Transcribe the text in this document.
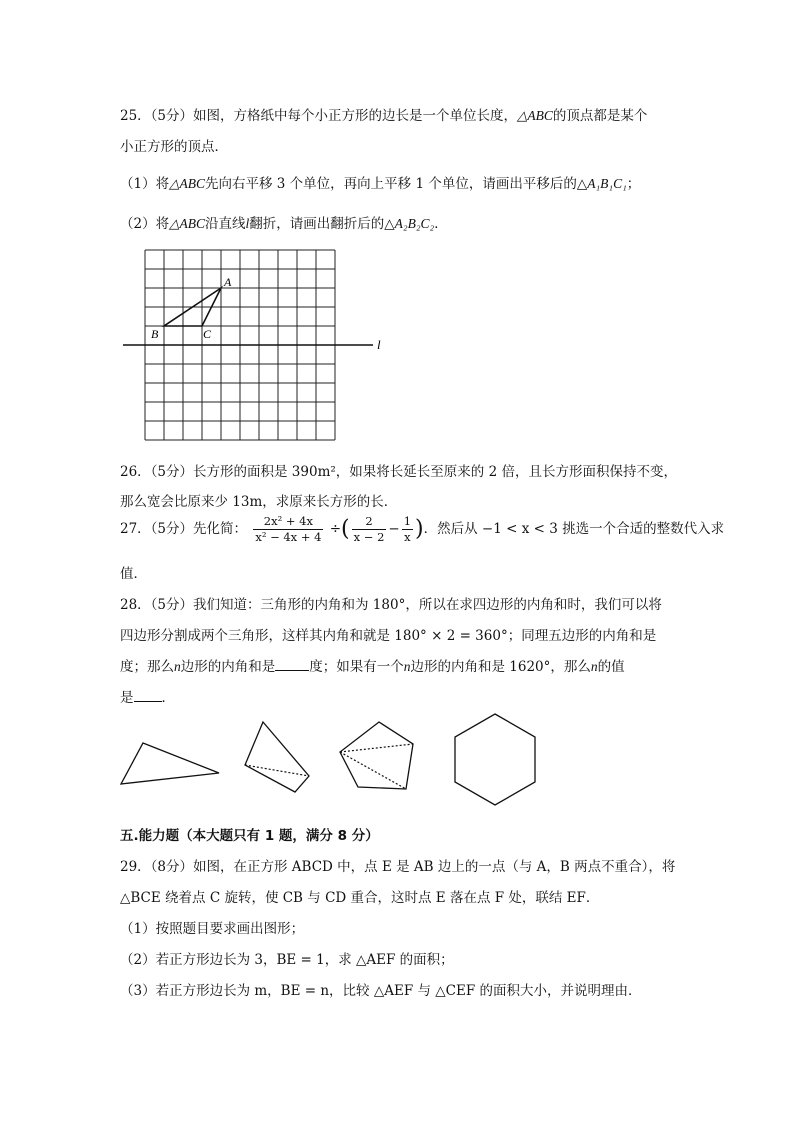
25．（5分）如图，方格纸中每个小正方形的边长是一个单位长度，△ABC的顶点都是某个
小正方形的顶点．
（1）将△ABC先向右平移 3 个单位，再向上平移 1 个单位，请画出平移后的△A₁B₁C₁；
（2）将△ABC沿直线l翻折，请画出翻折后的△A₂B₂C₂．
A
B	C
l
26．（5分）长方形的面积是 390m²，如果将长延长至原来的 2 倍，且长方形面积保持不变，
那么宽会比原来少 13m，求原来长方形的长．
27．（5分）先化简： $\frac{\text{2x² + 4x}}{\text{x² − 4x + 4}}$ ÷( $\frac{2}{x - 2} - \frac{1}{x}$ )．然后从 −1 < x < 3 挑选一个合适的整数代入求
值．
28．（5分）我们知道：三角形的内角和为 180°，所以在求四边形的内角和时，我们可以将
四边形分割成两个三角形，这样其内角和就是 180° × 2 = 360°；同理五边形的内角和是
度；那么n边形的内角和是	度；如果有一个n边形的内角和是 1620°，那么n的值
是 ．
五.能力题（本大题只有 1 题，满分 8 分）
29．（8分）如图，在正方形 ABCD 中，点 E 是 AB 边上的一点（与 A，B 两点不重合），将
△BCE 绕着点 C 旋转，使 CB 与 CD 重合，这时点 E 落在点 F 处，联结 EF．
（1）按照题目要求画出图形；
（2）若正方形边长为 3，BE = 1，求 △AEF 的面积；
（3）若正方形边长为 m，BE = n，比较 △AEF 与 △CEF 的面积大小，并说明理由．
